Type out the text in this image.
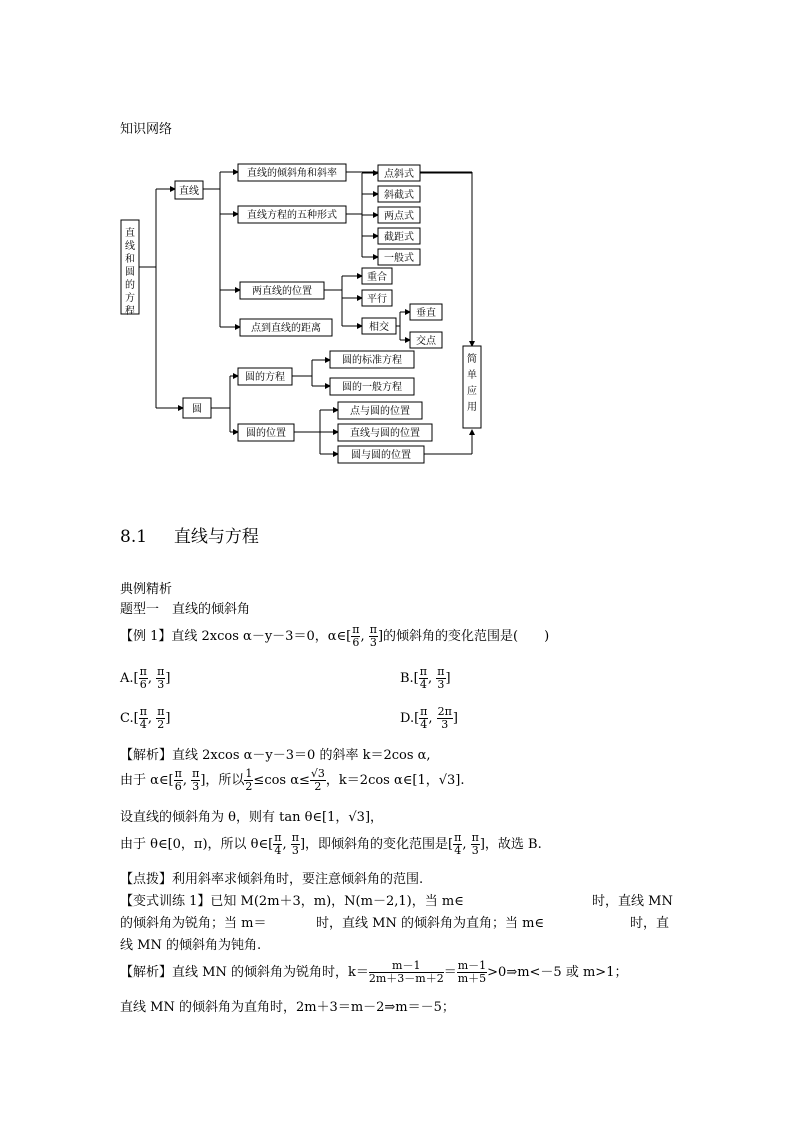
知识网络
直线和圆的方程
直线
圆
直线的倾斜角和斜率
直线方程的五种形式
两直线的位置
点到直线的距离
点斜式
斜截式
两点式
截距式
一般式
重合
平行
相交
垂直
交点
简单应用
圆的方程
圆的位置
圆的标准方程
圆的一般方程
点与圆的位置
直线与圆的位置
圆与圆的位置
8.1 直线与方程
典例精析
题型一　直线的倾斜角
【例 1】直线 2xcos α－y－3＝0，α∈[ $\frac{\pi}{6}$ , $\frac{\pi}{3}$ ]的倾斜角的变化范围是(　　)
$A.[ \frac{\pi}{6}$ , $\frac{\pi}{3}$ ]	$B.[ \frac{\pi}{4}$ , $\frac{\pi}{3}$ ]
$C.[ \frac{\pi}{4}$ , $\frac{\pi}{2}$ ]	$D.[ \frac{\pi}{4}$ , $\frac{2\pi}{3}$ ]
【解析】直线 2xcos α－y－3＝0 的斜率 k＝2cos α,
由于 α∈[ $\frac{\pi}{6}$ , $\frac{\pi}{3}$ ]，所以 $\frac{1}{2} \le\cos$ $\alpha\le \frac{√3}{2}$ ，k＝2cos α∈[1，√3].
设直线的倾斜角为 θ，则有 tan θ∈[1，√3]，
由于 θ∈[0，π)，所以 θ∈[ $\frac{\pi}{4}$ , $\frac{\pi}{3}$ ]，即倾斜角的变化范围是[ $\frac{\pi}{4}$ , $\frac{\pi}{3}$ ]，故选 B.
【点拨】利用斜率求倾斜角时，要注意倾斜角的范围.
【变式训练 1】已知 M(2m＋3，m)，N(m－2,1)，当 m∈	时，直线 MN
的倾斜角为锐角；当 m＝	时，直线 MN 的倾斜角为直角；当 m∈	时，直
线 MN 的倾斜角为钝角.
【解析】直线 MN 的倾斜角为锐角时，$k= \frac{m-1}{2m+3-m+2} = \frac{m-1}{m+5}$ >0⇒m<－5 或 m>1；
直线 MN 的倾斜角为直角时，2m＋3＝m－2⇒m＝－5；
